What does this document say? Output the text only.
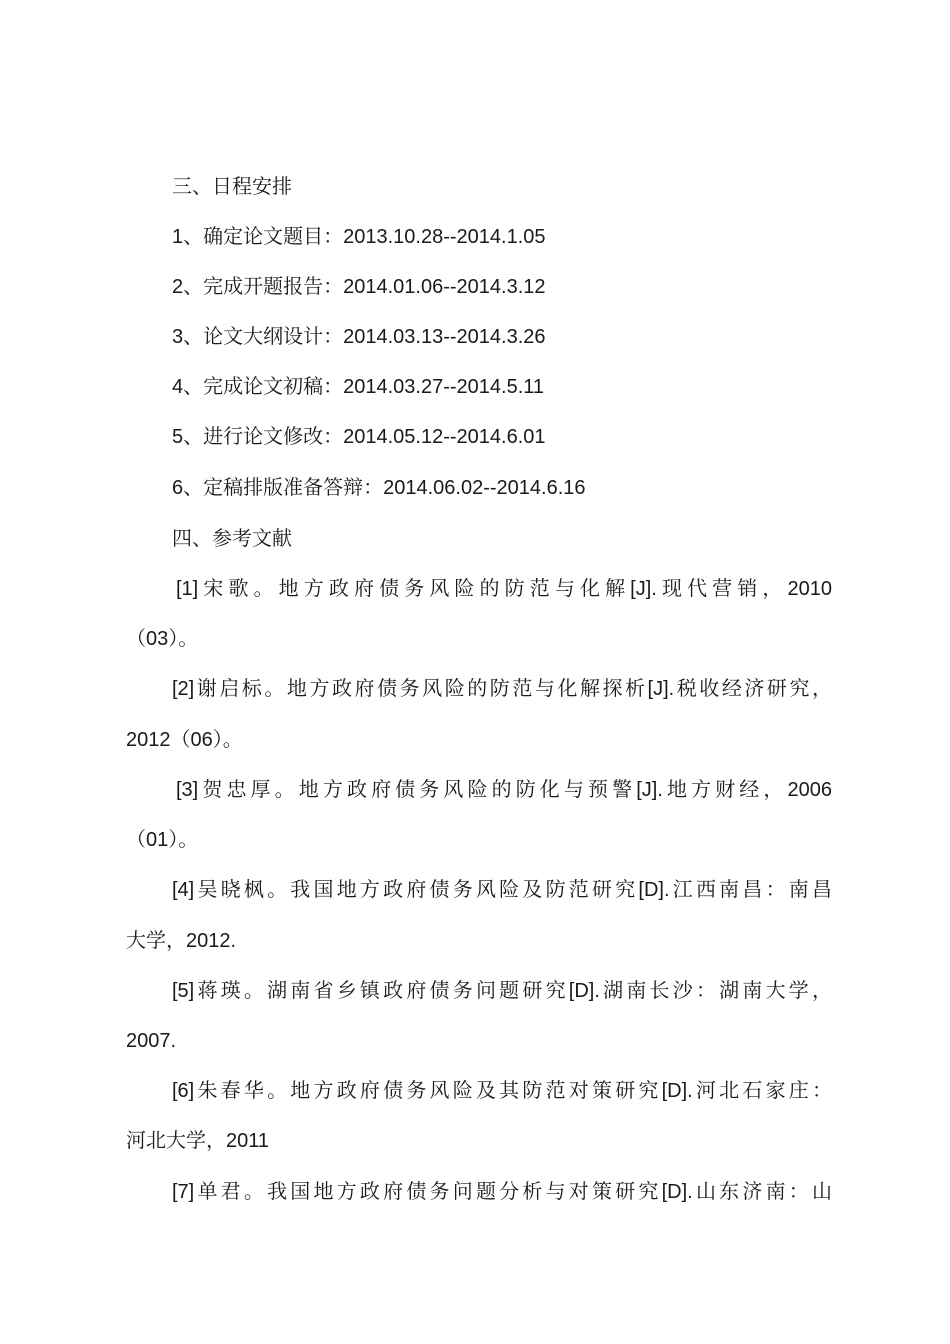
三、日程安排
1、确定论文题目：2013.10.28--2014.1.05
2、完成开题报告：2014.01.06--2014.3.12
3、论文大纲设计：2014.03.13--2014.3.26
4、完成论文初稿：2014.03.27--2014.5.11
5、进行论文修改：2014.05.12--2014.6.01
6、定稿排版准备答辩：2014.06.02--2014.6.16
四、参考文献
[1]宋歌。地方政府债务风险的防范与化解[J].现代营销，2010
（03）。
[2]谢启标。地方政府债务风险的防范与化解探析[J].税收经济研究，
2012（06）。
[3]贺忠厚。地方政府债务风险的防化与预警[J].地方财经，2006
（01）。
[4]吴晓枫。我国地方政府债务风险及防范研究[D].江西南昌：南昌
大学，2012.
[5]蒋瑛。湖南省乡镇政府债务问题研究[D].湖南长沙：湖南大学，
2007.
[6]朱春华。地方政府债务风险及其防范对策研究[D].河北石家庄：
河北大学，2011
[7]单君。我国地方政府债务问题分析与对策研究[D].山东济南：山
